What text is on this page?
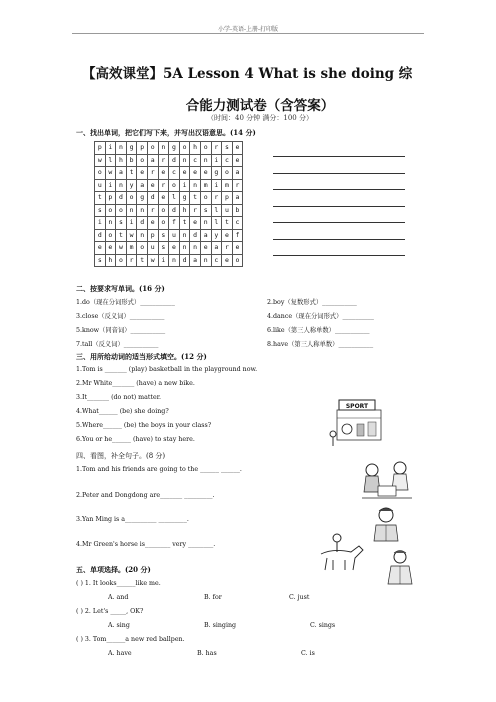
小学-英语-上册-打印版
【高效课堂】5A Lesson 4 What is she doing 综
合能力测试卷（含答案）
（时间：40 分钟 满分：100 分）
一、找出单词，把它们写下来，并写出汉语意思。(14 分)
p	i	n	g	p	o	n	g	o	h	o	r	s	e
w	l	h	b	o	a	r	d	n	c	n	i	c	e
o	w	a	t	e	r	e	c	e	e	e	g	o	a
u	i	n	y	a	e	r	o	i	n	m	i	m	r
t	p	d	o	g	d	e	l	g	t	o	r	p	a
s	o	o	n	n	r	o	d	h	r	s	l	u	b
i	n	s	i	d	e	o	f	t	e	n	l	t	c
d	o	t	w	n	p	s	u	n	d	a	y	e	f
e	e	w	m	o	u	s	e	n	n	e	a	r	e
s	h	o	r	t	w	i	n	d	a	n	c	e	o
二、按要求写单词。(16 分)
1.do（现在分词形式）___________	2.boy（复数形式）___________
3.close（反义词）___________	4.dance（现在分词形式）__________
5.know（同音词）___________	6.like（第三人称单数）___________
7.tall（反义词）___________	8.have（第三人称单数）___________
三、用所给动词的适当形式填空。(12 分)
1.Tom is _______ (play) basketball in the playground now.
2.Mr White_______ (have) a new bike.
3.It_______ (do not) matter.
4.What______ (be) she doing?
5.Where______ (be) the boys in your class?
6.You or he______ (have) to stay here.
四、看图，补全句子。(8 分)
1.Tom and his friends are going to the ______ ______.
2.Peter and Dongdong are_______ _________.
3.Yan Ming is a__________ _________.
4.Mr Green's horse is________ very ________.
五、单项选择。(20 分)
( ) 1. It looks______like me.
A. and	B. for	C. just
( ) 2. Let's _____, OK?
A. sing	B. singing	C. sings
( ) 3. Tom______a new red ballpen.
A. have	B. has	C. is
SPORT
